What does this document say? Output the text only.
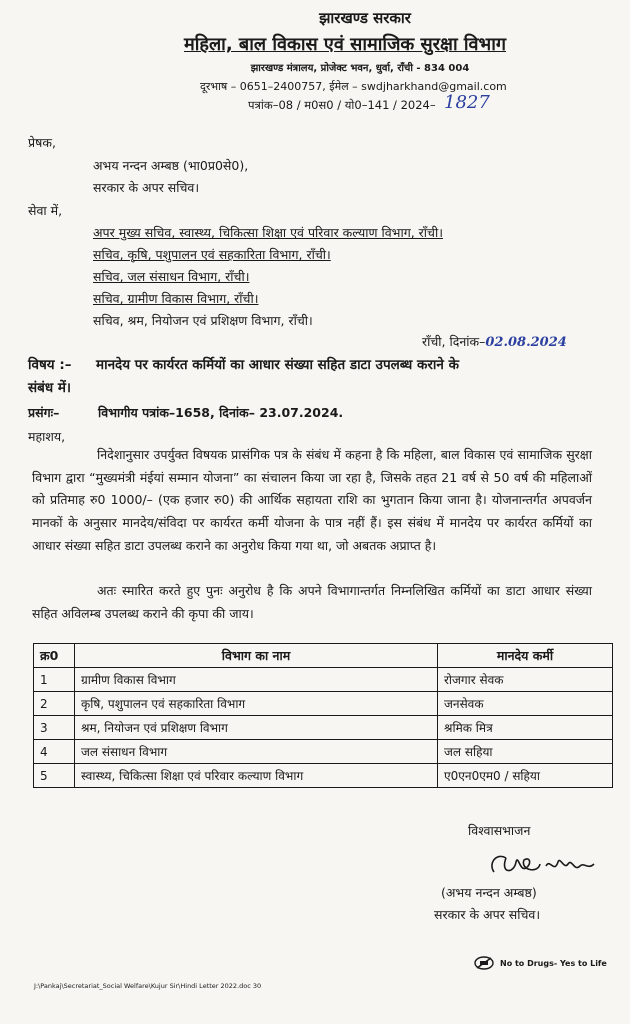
झारखण्ड सरकार
महिला, बाल विकास एवं सामाजिक सुरक्षा विभाग
झारखण्ड मंत्रालय, प्रोजेक्ट भवन, धुर्वा, राँची - 834 004
दूरभाष – 0651–2400757, ईमेल – swdjharkhand@gmail.com
पत्रांक–08 / म0स0 / यो0–141 / 2024– 1827
प्रेषक,
अभय नन्दन अम्बष्ठ (भा0प्र0से0),
सरकार के अपर सचिव।
सेवा में,
अपर मुख्य सचिव, स्वास्थ्य, चिकित्सा शिक्षा एवं परिवार कल्याण विभाग, राँची।
सचिव, कृषि, पशुपालन एवं सहकारिता विभाग, राँची।
सचिव, जल संसाधन विभाग, राँची।
सचिव, ग्रामीण विकास विभाग, राँची।
सचिव, श्रम, नियोजन एवं प्रशिक्षण विभाग, राँची।
राँची, दिनांक–02.08.2024
विषय :– मानदेय पर कार्यरत कर्मियों का आधार संख्या सहित डाटा उपलब्ध कराने के
संबंध में।
प्रसंगः–	विभागीय पत्रांक–1658, दिनांक– 23.07.2024.
महाशय,
निदेशानुसार उपर्युक्त विषयक प्रासंगिक पत्र के संबंध में कहना है कि महिला, बाल विकास एवं सामाजिक सुरक्षा विभाग द्वारा “मुख्यमंत्री मंईयां सम्मान योजना” का संचालन किया जा रहा है, जिसके तहत 21 वर्ष से 50 वर्ष की महिलाओं को प्रतिमाह रु0 1000/– (एक हजार रु0) की आर्थिक सहायता राशि का भुगतान किया जाना है। योजनान्तर्गत अपवर्जन मानकों के अनुसार मानदेय/संविदा पर कार्यरत कर्मी योजना के पात्र नहीं हैं। इस संबंध में मानदेय पर कार्यरत कर्मियों का आधार संख्या सहित डाटा उपलब्ध कराने का अनुरोध किया गया था, जो अबतक अप्राप्त है।
अतः स्मारित करते हुए पुनः अनुरोध है कि अपने विभागान्तर्गत निम्नलिखित कर्मियों का डाटा आधार संख्या सहित अविलम्ब उपलब्ध कराने की कृपा की जाय।
क्र0	विभाग का नाम	मानदेय कर्मी
1	ग्रामीण विकास विभाग	रोजगार सेवक
2	कृषि, पशुपालन एवं सहकारिता विभाग	जनसेवक
3	श्रम, नियोजन एवं प्रशिक्षण विभाग	श्रमिक मित्र
4	जल संसाधन विभाग	जल सहिया
5	स्वास्थ्य, चिकित्सा शिक्षा एवं परिवार कल्याण विभाग	ए0एन0एम0 / सहिया
विश्वासभाजन
(अभय नन्दन अम्बष्ठ)
सरकार के अपर सचिव।
No to Drugs- Yes to Life
J:\Pankaj\Secretariat_Social Welfare\Kujur Sir\Hindi Letter 2022.doc 30
